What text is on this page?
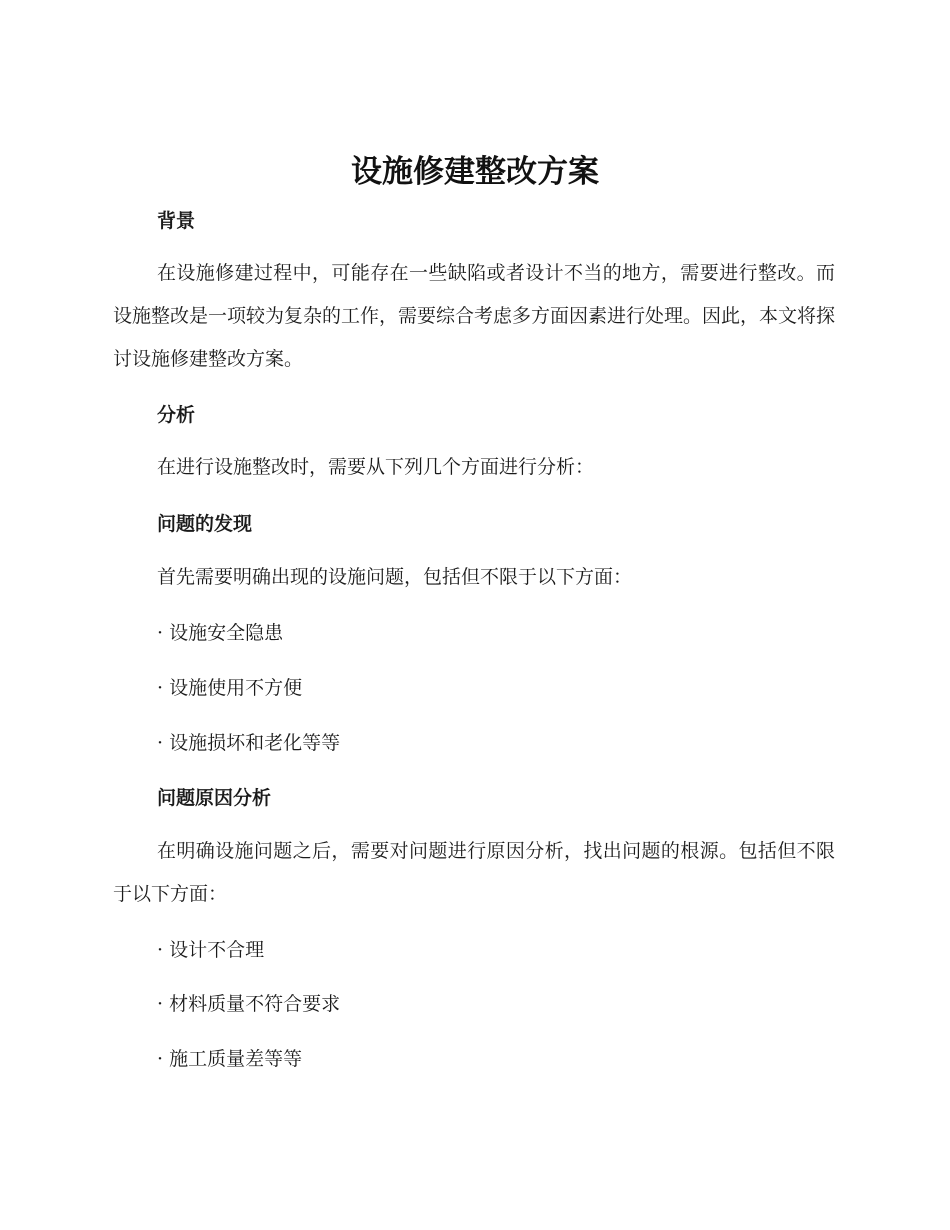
设施修建整改方案
背景

在设施修建过程中，可能存在一些缺陷或者设计不当的地方，需要进行整改。而设施整改是一项较为复杂的工作，需要综合考虑多方面因素进行处理。因此，本文将探讨设施修建整改方案。

分析

在进行设施整改时，需要从下列几个方面进行分析：

问题的发现

首先需要明确出现的设施问题，包括但不限于以下方面：

· 设施安全隐患
· 设施使用不方便
· 设施损坏和老化等等
问题原因分析

在明确设施问题之后，需要对问题进行原因分析，找出问题的根源。包括但不限于以下方面：

· 设计不合理
· 材料质量不符合要求
· 施工质量差等等
